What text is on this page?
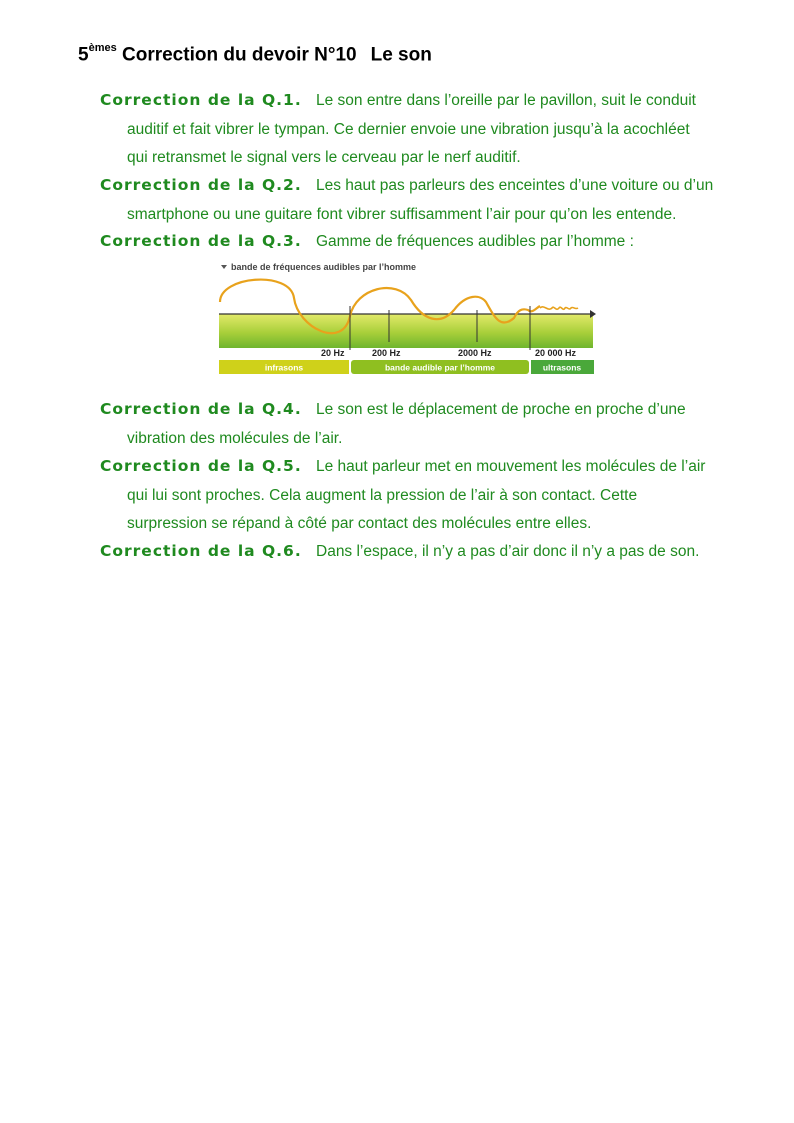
5èmes Correction du devoir N°10 Le son
Correction de la Q.1. Le son entre dans l’oreille par le pavillon, suit le conduit
auditif et fait vibrer le tympan. Ce dernier envoie une vibration jusqu’à la acochléet
qui retransmet le signal vers le cerveau par le nerf auditif.
Correction de la Q.2. Les haut pas parleurs des enceintes d’une voiture ou d’un
smartphone ou une guitare font vibrer suffisamment l’air pour qu’on les entende.
Correction de la Q.3. Gamme de fréquences audibles par l’homme :
bande de fréquences audibles par l’homme
20 Hz	200 Hz	2000 Hz	20 000 Hz
infrasons	bande audible par l’homme	ultrasons
Correction de la Q.4. Le son est le déplacement de proche en proche d’une
vibration des molécules de l’air.
Correction de la Q.5. Le haut parleur met en mouvement les molécules de l’air
qui lui sont proches. Cela augment la pression de l’air à son contact. Cette
surpression se répand à côté par contact des molécules entre elles.
Correction de la Q.6. Dans l’espace, il n’y a pas d’air donc il n’y a pas de son.
